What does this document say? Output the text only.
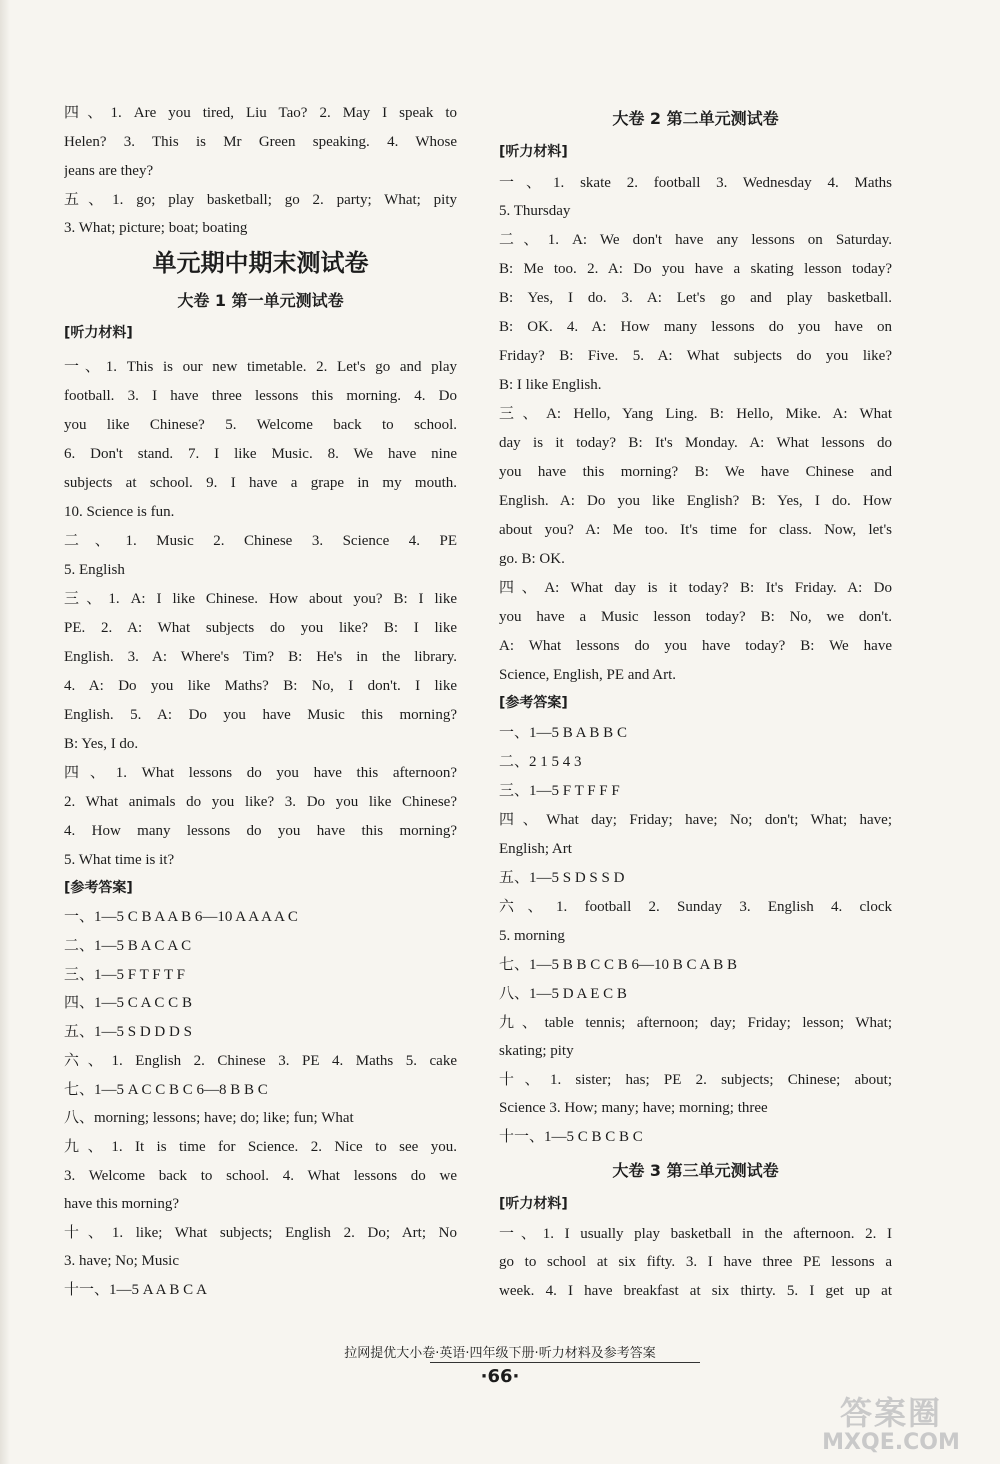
四、1. Are you tired, Liu Tao? 2. May I speak to
Helen? 3. This is Mr Green speaking. 4. Whose
jeans are they?
五、1. go; play basketball; go 2. party; What; pity
3. What; picture; boat; boating
单元期中期末测试卷
大卷 1 第一单元测试卷
[听力材料]
一、1. This is our new timetable. 2. Let's go and play
football. 3. I have three lessons this morning. 4. Do
you like Chinese? 5. Welcome back to school.
6. Don't stand. 7. I like Music. 8. We have nine
subjects at school. 9. I have a grape in my mouth.
10. Science is fun.
二、1. Music 2. Chinese 3. Science 4. PE
5. English
三、1. A: I like Chinese. How about you? B: I like
PE. 2. A: What subjects do you like? B: I like
English. 3. A: Where's Tim? B: He's in the library.
4. A: Do you like Maths? B: No, I don't. I like
English. 5. A: Do you have Music this morning?
B: Yes, I do.
四、1. What lessons do you have this afternoon?
2. What animals do you like? 3. Do you like Chinese?
4. How many lessons do you have this morning?
5. What time is it?
[参考答案]
一、1—5 C B A A B 6—10 A A A A C
二、1—5 B A C A C
三、1—5 F T F T F
四、1—5 C A C C B
五、1—5 S D D D S
六、1. English 2. Chinese 3. PE 4. Maths 5. cake
七、1—5 A C C B C 6—8 B B C
八、morning; lessons; have; do; like; fun; What
九、1. It is time for Science. 2. Nice to see you.
3. Welcome back to school. 4. What lessons do we
have this morning?
十、1. like; What subjects; English 2. Do; Art; No
3. have; No; Music
十一、1—5 A A B C A
大卷 2 第二单元测试卷
[听力材料]
一、1. skate 2. football 3. Wednesday 4. Maths
5. Thursday
二、1. A: We don't have any lessons on Saturday.
B: Me too. 2. A: Do you have a skating lesson today?
B: Yes, I do. 3. A: Let's go and play basketball.
B: OK. 4. A: How many lessons do you have on
Friday? B: Five. 5. A: What subjects do you like?
B: I like English.
三、A: Hello, Yang Ling. B: Hello, Mike. A: What
day is it today? B: It's Monday. A: What lessons do
you have this morning? B: We have Chinese and
English. A: Do you like English? B: Yes, I do. How
about you? A: Me too. It's time for class. Now, let's
go. B: OK.
四、A: What day is it today? B: It's Friday. A: Do
you have a Music lesson today? B: No, we don't.
A: What lessons do you have today? B: We have
Science, English, PE and Art.
[参考答案]
一、1—5 B A B B C
二、2 1 5 4 3
三、1—5 F T F F F
四、What day; Friday; have; No; don't; What; have;
English; Art
五、1—5 S D S S D
六、1. football 2. Sunday 3. English 4. clock
5. morning
七、1—5 B B C C B 6—10 B C A B B
八、1—5 D A E C B
九、table tennis; afternoon; day; Friday; lesson; What;
skating; pity
十、1. sister; has; PE 2. subjects; Chinese; about;
Science 3. How; many; have; morning; three
十一、1—5 C B C B C
大卷 3 第三单元测试卷
[听力材料]
一、1. I usually play basketball in the afternoon. 2. I
go to school at six fifty. 3. I have three PE lessons a
week. 4. I have breakfast at six thirty. 5. I get up at
拉网提优大小卷·英语·四年级下册·听力材料及参考答案
·66·
答案圈
MXQE.COM
